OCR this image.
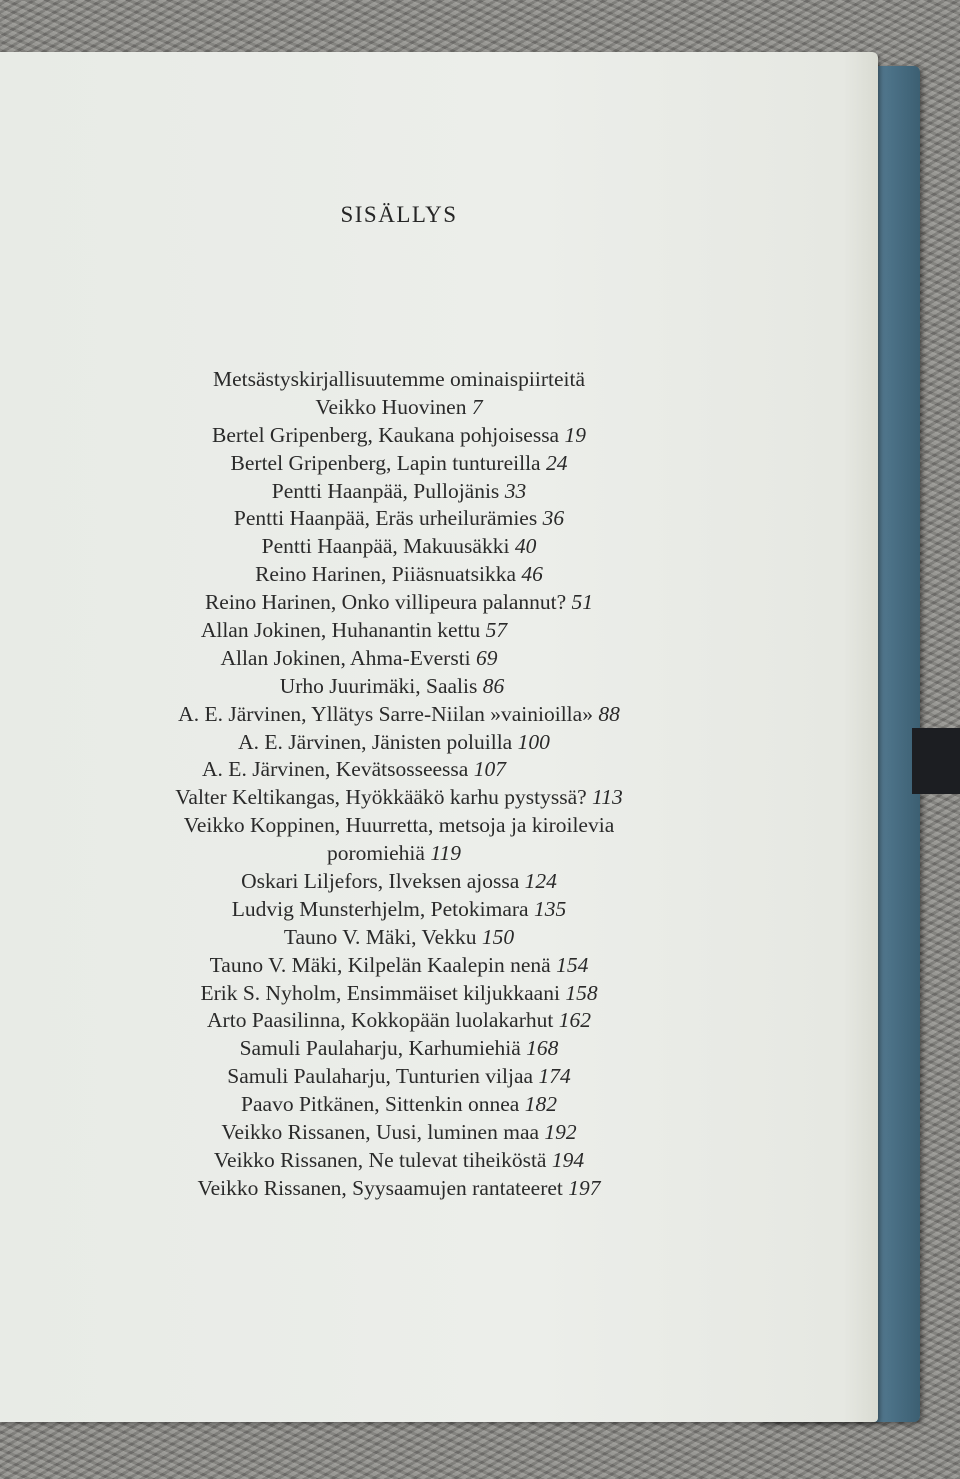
SISÄLLYS
Metsästyskirjallisuutemme ominaispiirteitä
Veikko Huovinen 7
Bertel Gripenberg, Kaukana pohjoisessa 19
Bertel Gripenberg, Lapin tuntureilla 24
Pentti Haanpää, Pullojänis 33
Pentti Haanpää, Eräs urheilurämies 36
Pentti Haanpää, Makuusäkki 40
Reino Harinen, Piiäsnuatsikka 46
Reino Harinen, Onko villipeura palannut? 51
Allan Jokinen, Huhanantin kettu 57
Allan Jokinen, Ahma-Eversti 69
Urho Juurimäki, Saalis 86
A. E. Järvinen, Yllätys Sarre-Niilan »vainioilla» 88
A. E. Järvinen, Jänisten poluilla 100
A. E. Järvinen, Kevätsosseessa 107
Valter Keltikangas, Hyökkääkö karhu pystyssä? 113
Veikko Koppinen, Huurretta, metsoja ja kiroilevia
poromiehiä 119
Oskari Liljefors, Ilveksen ajossa 124
Ludvig Munsterhjelm, Petokimara 135
Tauno V. Mäki, Vekku 150
Tauno V. Mäki, Kilpelän Kaalepin nenä 154
Erik S. Nyholm, Ensimmäiset kiljukkaani 158
Arto Paasilinna, Kokkopään luolakarhut 162
Samuli Paulaharju, Karhumiehiä 168
Samuli Paulaharju, Tunturien viljaa 174
Paavo Pitkänen, Sittenkin onnea 182
Veikko Rissanen, Uusi, luminen maa 192
Veikko Rissanen, Ne tulevat tiheiköstä 194
Veikko Rissanen, Syysaamujen rantateeret 197
